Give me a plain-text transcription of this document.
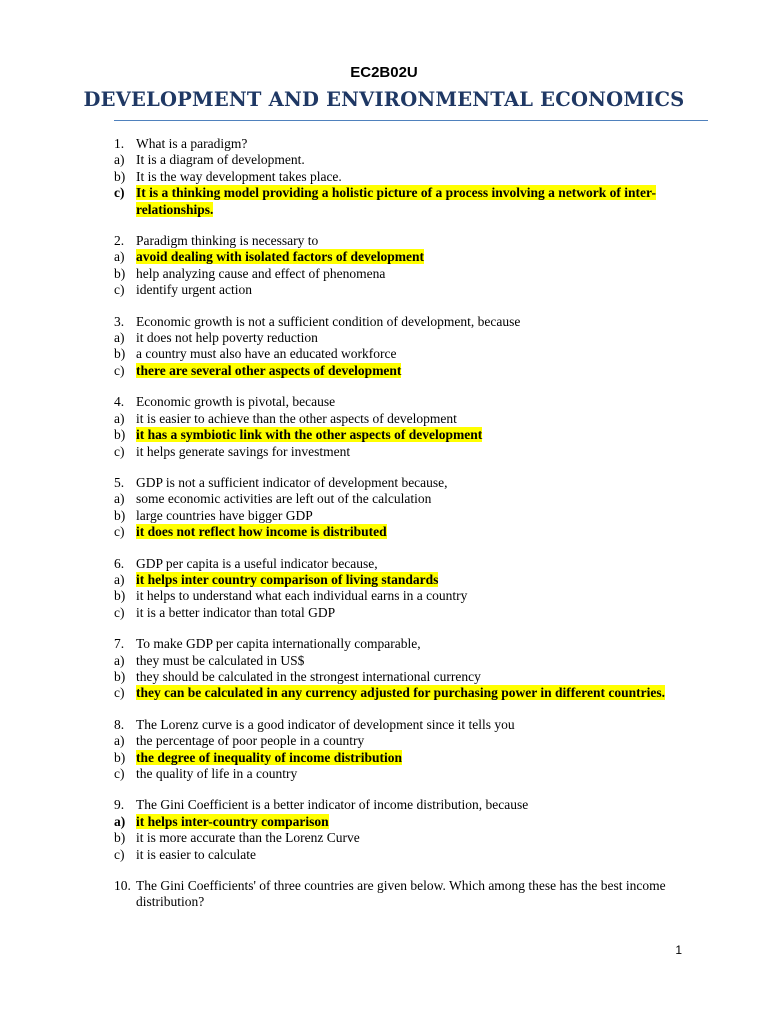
EC2B02U
DEVELOPMENT AND ENVIRONMENTAL ECONOMICS
1. What is a paradigm?
a) It is a diagram of development.
b) It is the way development takes place.
c) It is a thinking model providing a holistic picture of a process involving a network of inter-relationships.
2. Paradigm thinking is necessary to
a) avoid dealing with isolated factors of development
b) help analyzing cause and effect of phenomena
c) identify urgent action
3. Economic growth is not a sufficient condition of development, because
a) it does not help poverty reduction
b) a country must also have an educated workforce
c) there are several other aspects of development
4. Economic growth is pivotal, because
a) it is easier to achieve than the other aspects of development
b) it has a symbiotic link with the other aspects of development
c) it helps generate savings for investment
5. GDP is not a sufficient indicator of development because,
a) some economic activities are left out of the calculation
b) large countries have bigger GDP
c) it does not reflect how income is distributed
6. GDP per capita is a useful indicator because,
a) it helps inter country comparison of living standards
b) it helps to understand what each individual earns in a country
c) it is a better indicator than total GDP
7. To make GDP per capita internationally comparable,
a) they must be calculated in US$
b) they should be calculated in the strongest international currency
c) they can be calculated in any currency adjusted for purchasing power in different countries.
8. The Lorenz curve is a good indicator of development since it tells you
a) the percentage of poor people in a country
b) the degree of inequality of income distribution
c) the quality of life in a country
9. The Gini Coefficient is a better indicator of income distribution, because
a) it helps inter-country comparison
b) it is more accurate than the Lorenz Curve
c) it is easier to calculate
10. The Gini Coefficients' of three countries are given below. Which among these has the best income distribution?
1
